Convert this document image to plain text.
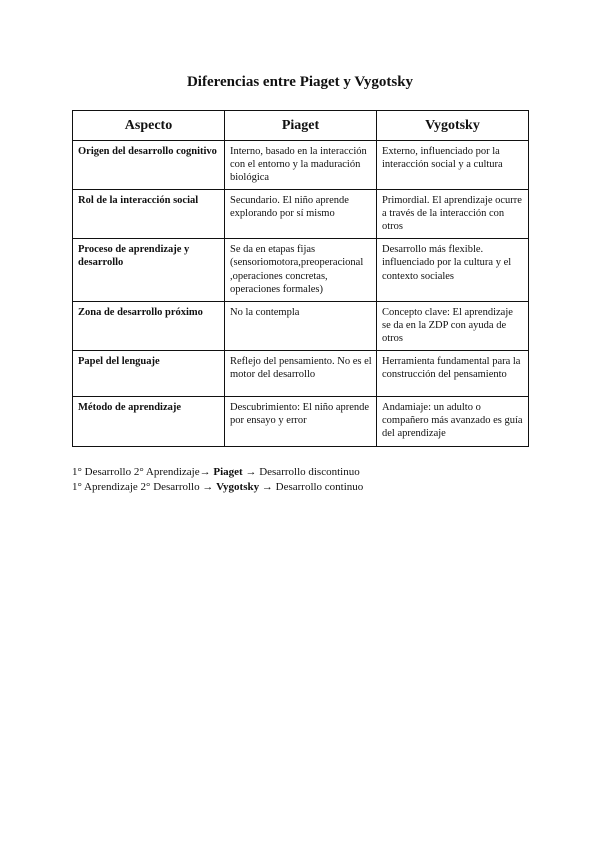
Diferencias entre Piaget y Vygotsky
Aspecto	Piaget	Vygotsky
Origen del desarrollo cognitivo	Interno, basado en la interacción con el entorno y la maduración biológica	Externo, influenciado por la interacción social y a cultura
Rol de la interacción social	Secundario. El niño aprende explorando por sí mismo	Primordial. El aprendizaje ocurre a través de la interacción con otros
Proceso de aprendizaje y desarrollo	Se da en etapas fijas (sensoriomotora,preoperacional ,operaciones concretas, operaciones formales)	Desarrollo más flexible. influenciado por la cultura y el contexto sociales
Zona de desarrollo próximo	No la contempla	Concepto clave: El aprendizaje se da en la ZDP con ayuda de otros
Papel del lenguaje	Reflejo del pensamiento. No es el motor del desarrollo	Herramienta fundamental para la construcción del pensamiento
Método de aprendizaje	Descubrimiento: El niño aprende por ensayo y error	Andamiaje: un adulto o compañero más avanzado es guía del aprendizaje
1° Desarrollo 2° Aprendizaje→ Piaget → Desarrollo discontinuo
1° Aprendizaje 2° Desarrollo → Vygotsky → Desarrollo continuo
